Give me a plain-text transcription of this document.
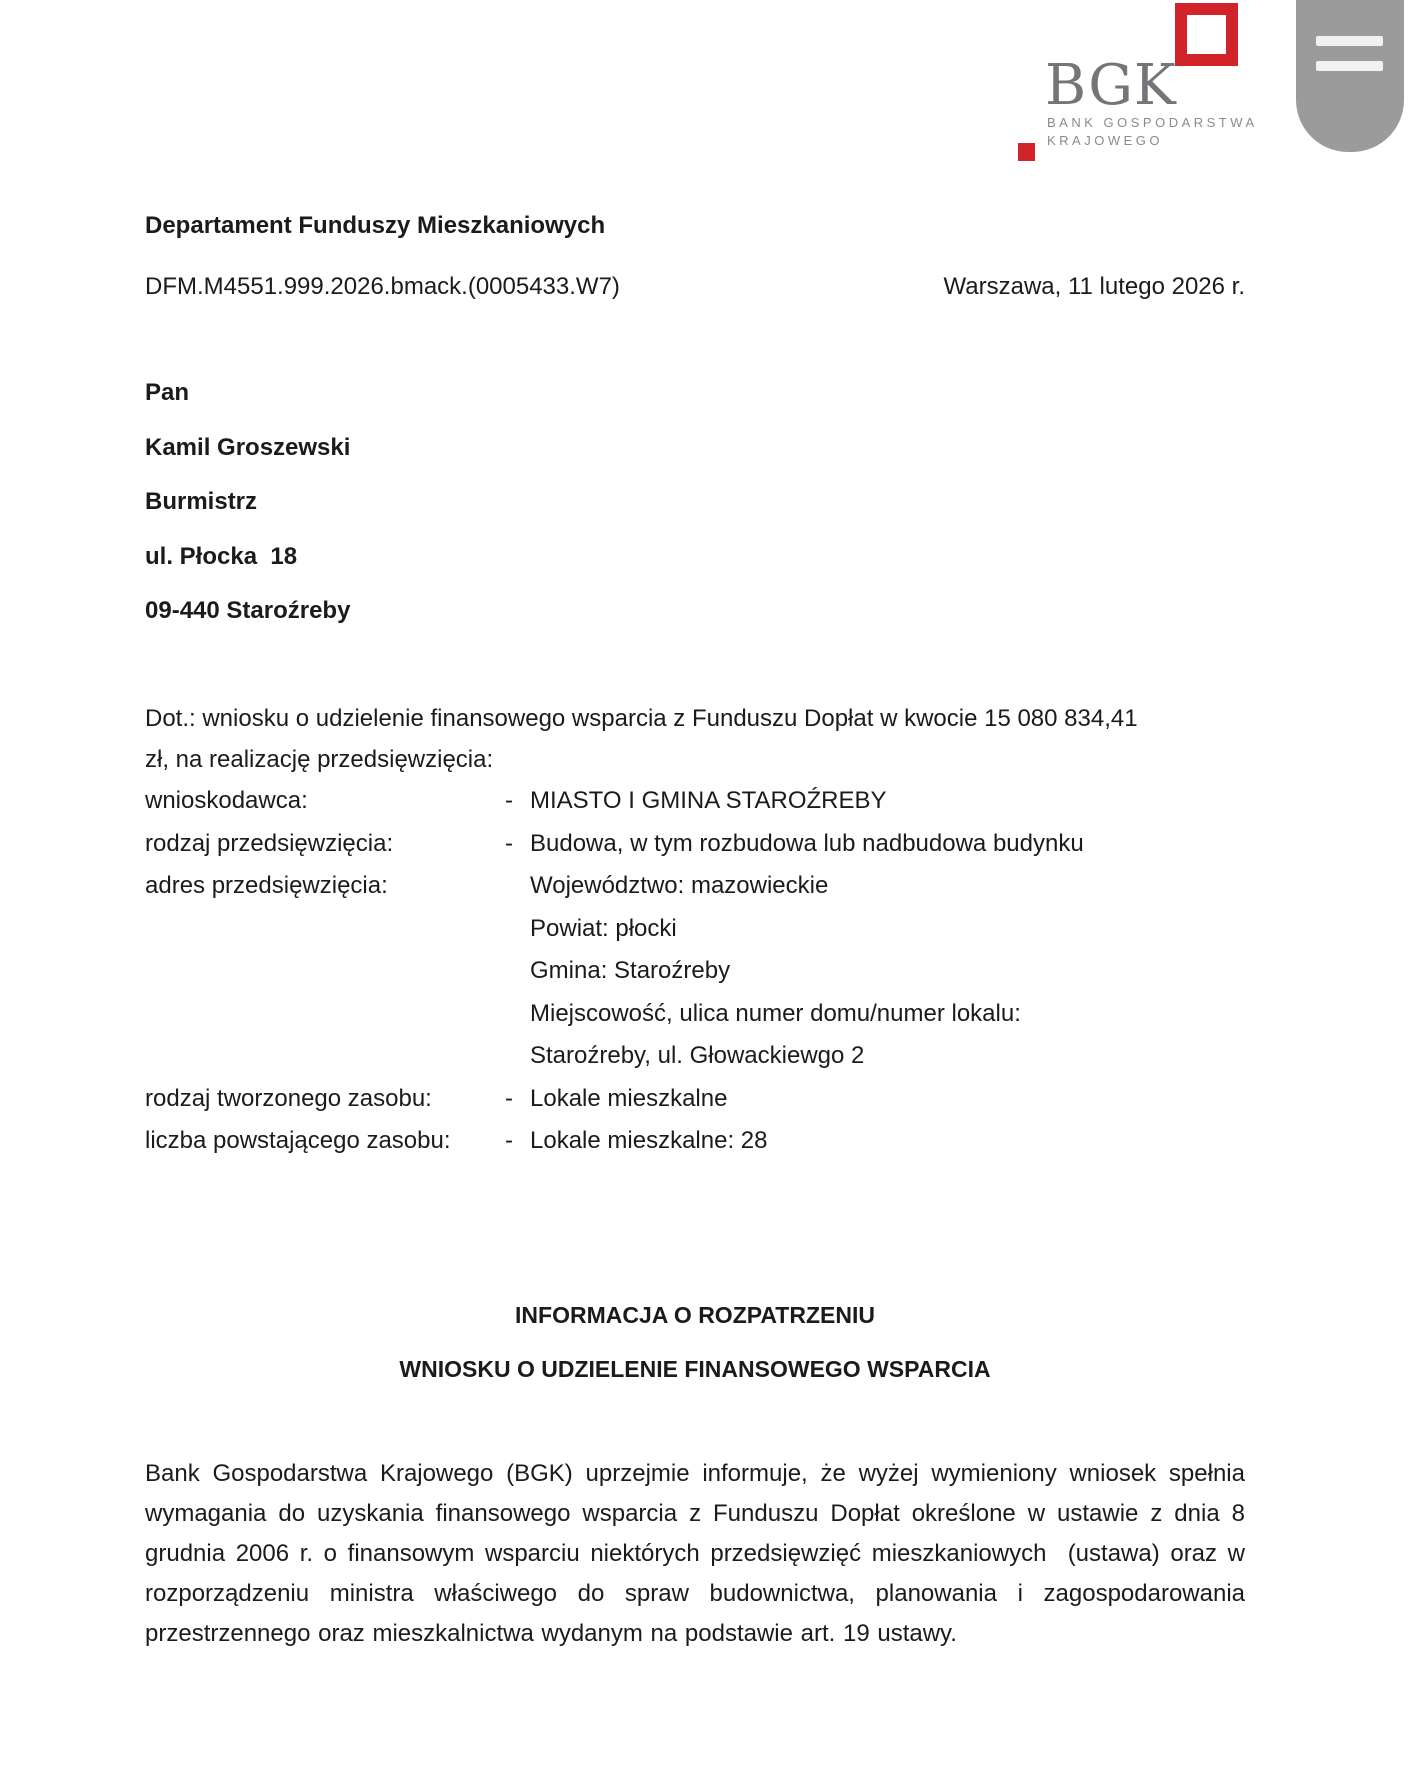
BGK
BANK GOSPODARSTWA
KRAJOWEGO
Departament Funduszy Mieszkaniowych
DFM.M4551.999.2026.bmack.(0005433.W7)	Warszawa, 11 lutego 2026 r.
Pan
Kamil Groszewski
Burmistrz
ul. Płocka  18
09-440 Staroźreby
Dot.: wniosku o udzielenie finansowego wsparcia z Funduszu Dopłat w kwocie 15 080 834,41
zł, na realizację przedsięwzięcia:
wnioskodawca:	- MIASTO I GMINA STAROŹREBY
rodzaj przedsięwzięcia:	- Budowa, w tym rozbudowa lub nadbudowa budynku
adres przedsięwzięcia:	Województwo: mazowieckie
Powiat: płocki
Gmina: Staroźreby
Miejscowość, ulica numer domu/numer lokalu:
Staroźreby, ul. Głowackiewgo 2
rodzaj tworzonego zasobu:	- Lokale mieszkalne
liczba powstającego zasobu:	- Lokale mieszkalne: 28
INFORMACJA O ROZPATRZENIU
WNIOSKU O UDZIELENIE FINANSOWEGO WSPARCIA
Bank Gospodarstwa Krajowego (BGK) uprzejmie informuje, że wyżej wymieniony wniosek spełnia wymagania do uzyskania finansowego wsparcia z Funduszu Dopłat określone w ustawie z dnia 8 grudnia 2006 r. o finansowym wsparciu niektórych przedsięwzięć mieszkaniowych  (ustawa) oraz w rozporządzeniu ministra właściwego do spraw budownictwa, planowania i zagospodarowania przestrzennego oraz mieszkalnictwa wydanym na podstawie art. 19 ustawy.
